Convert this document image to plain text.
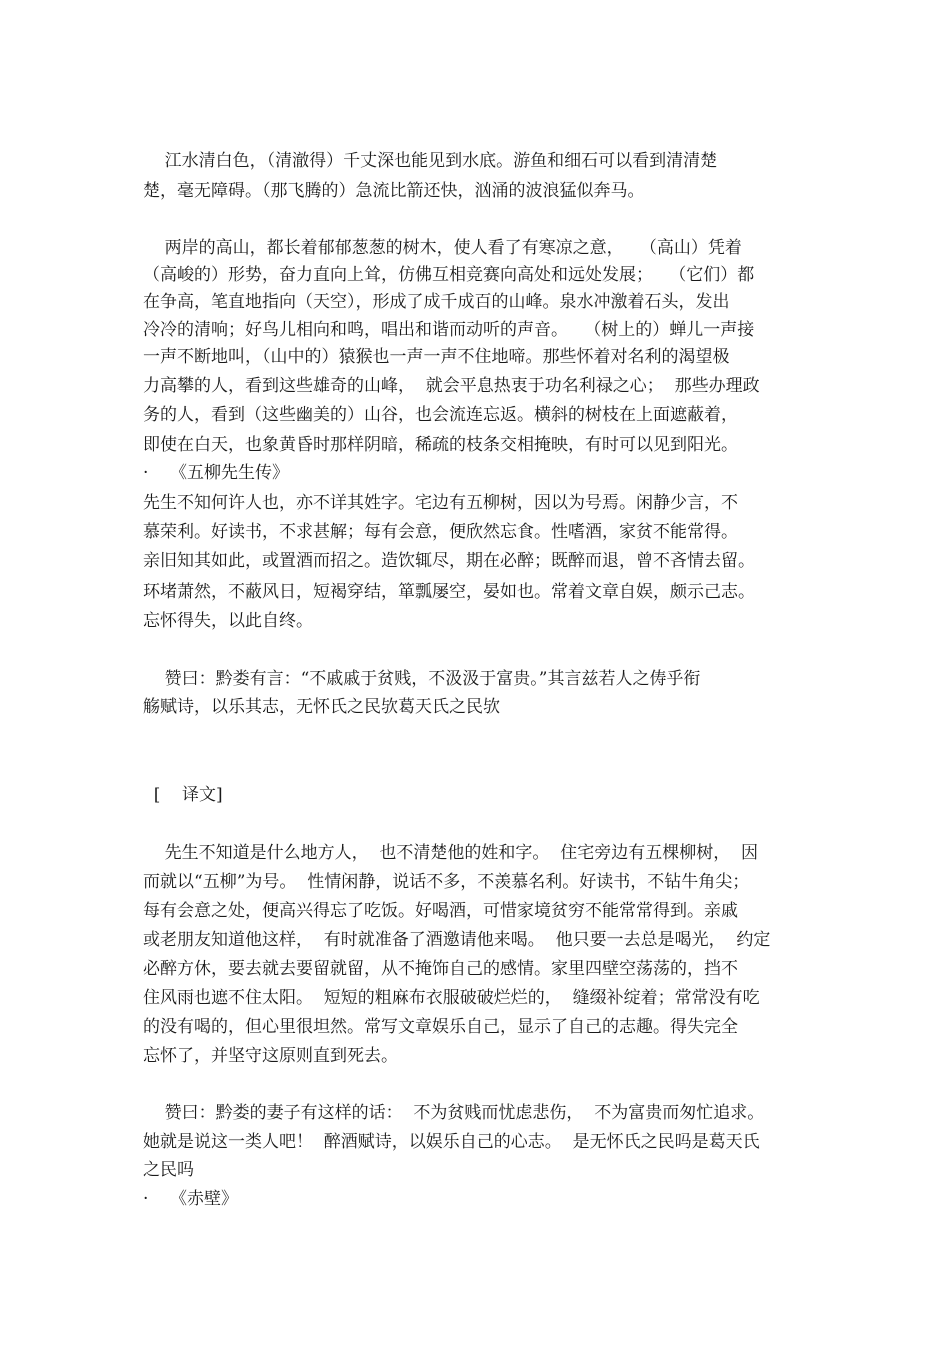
江水清白色，（清澈得）千丈深也能见到水底。游鱼和细石可以看到清清楚

楚，毫无障碍。（那飞腾的）急流比箭还快，汹涌的波浪猛似奔马。

两岸的高山，都长着郁郁葱葱的树木，使人看了有寒凉之意，   （高山）凭着

（高峻的）形势，奋力直向上耸，仿佛互相竞赛向高处和远处发展；   （它们）都

在争高，笔直地指向（天空），形成了成千成百的山峰。泉水冲激着石头，发出

冷冷的清响；好鸟儿相向和鸣，唱出和谐而动听的声音。   （树上的）蝉儿一声接

一声不断地叫，（山中的）猿猴也一声一声不住地啼。那些怀着对名利的渴望极

力高攀的人，看到这些雄奇的山峰，  就会平息热衷于功名利禄之心；  那些办理政

务的人，看到（这些幽美的）山谷，也会流连忘返。横斜的树枝在上面遮蔽着，

即使在白天，也象黄昏时那样阴暗，稀疏的枝条交相掩映，有时可以见到阳光。

·    《五柳先生传》

先生不知何许人也，亦不详其姓字。宅边有五柳树，因以为号焉。闲静少言，不

慕荣利。好读书，不求甚解；每有会意，便欣然忘食。性嗜酒，家贫不能常得。

亲旧知其如此，或置酒而招之。造饮辄尽，期在必醉；既醉而退，曾不吝情去留。

环堵萧然，不蔽风日，短褐穿结，箪瓢屡空，晏如也。常着文章自娱，颇示己志。

忘怀得失，以此自终。

赞曰：黔娄有言：“不戚戚于贫贱，不汲汲于富贵。”其言兹若人之俦乎衔

觞赋诗，以乐其志，无怀氏之民欤葛天氏之民欤

[    译文]

先生不知道是什么地方人，  也不清楚他的姓和字。  住宅旁边有五棵柳树，  因

而就以“五柳”为号。  性情闲静，说话不多，不羡慕名利。好读书，不钻牛角尖；

每有会意之处，便高兴得忘了吃饭。好喝酒，可惜家境贫穷不能常常得到。亲戚

或老朋友知道他这样，  有时就准备了酒邀请他来喝。  他只要一去总是喝光，  约定

必醉方休，要去就去要留就留，从不掩饰自己的感情。家里四壁空荡荡的，挡不

住风雨也遮不住太阳。  短短的粗麻布衣服破破烂烂的，  缝缀补绽着；常常没有吃

的没有喝的，但心里很坦然。常写文章娱乐自己，显示了自己的志趣。得失完全

忘怀了，并坚守这原则直到死去。

赞曰：黔娄的妻子有这样的话：  不为贫贱而忧虑悲伤，  不为富贵而匆忙追求。

她就是说这一类人吧！  醉酒赋诗，以娱乐自己的心志。  是无怀氏之民吗是葛天氏

之民吗

·    《赤壁》
